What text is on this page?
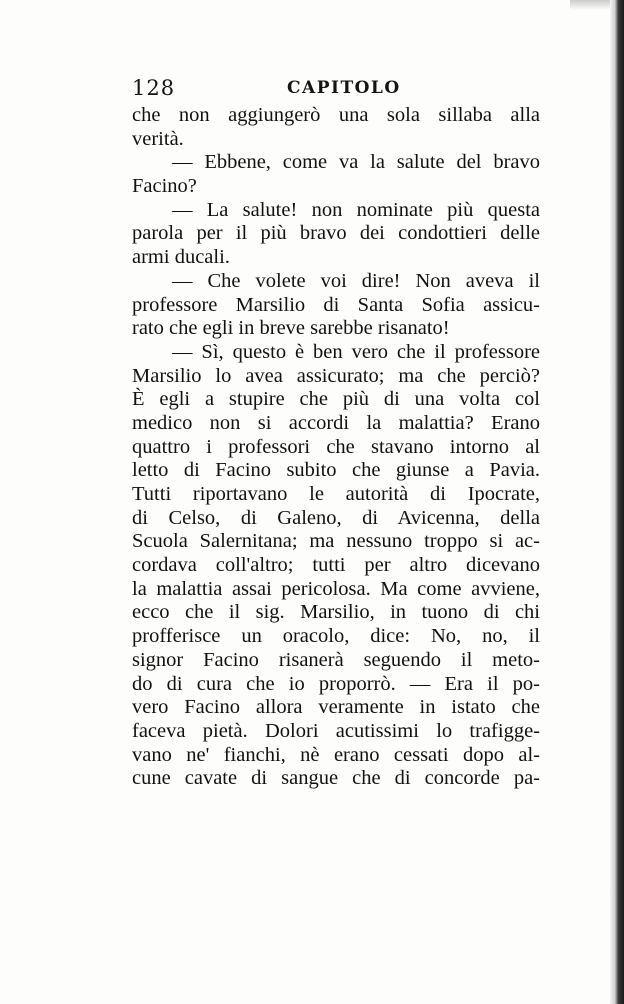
128	CAPITOLO
che non aggiungerò una sola sillaba alla
verità.
— Ebbene, come va la salute del bravo
Facino?
— La salute! non nominate più questa
parola per il più bravo dei condottieri delle
armi ducali.
— Che volete voi dire! Non aveva il
professore Marsilio di Santa Sofia assicu-
rato che egli in breve sarebbe risanato!
— Sì, questo è ben vero che il professore
Marsilio lo avea assicurato; ma che perciò?
È egli a stupire che più di una volta col
medico non si accordi la malattia? Erano
quattro i professori che stavano intorno al
letto di Facino subito che giunse a Pavia.
Tutti riportavano le autorità di Ipocrate,
di Celso, di Galeno, di Avicenna, della
Scuola Salernitana; ma nessuno troppo si ac-
cordava coll'altro; tutti per altro dicevano
la malattia assai pericolosa. Ma come avviene,
ecco che il sig. Marsilio, in tuono di chi
profferisce un oracolo, dice: No, no, il
signor Facino risanerà seguendo il meto-
do di cura che io proporrò. — Era il po-
vero Facino allora veramente in istato che
faceva pietà. Dolori acutissimi lo trafigge-
vano ne' fianchi, nè erano cessati dopo al-
cune cavate di sangue che di concorde pa-
